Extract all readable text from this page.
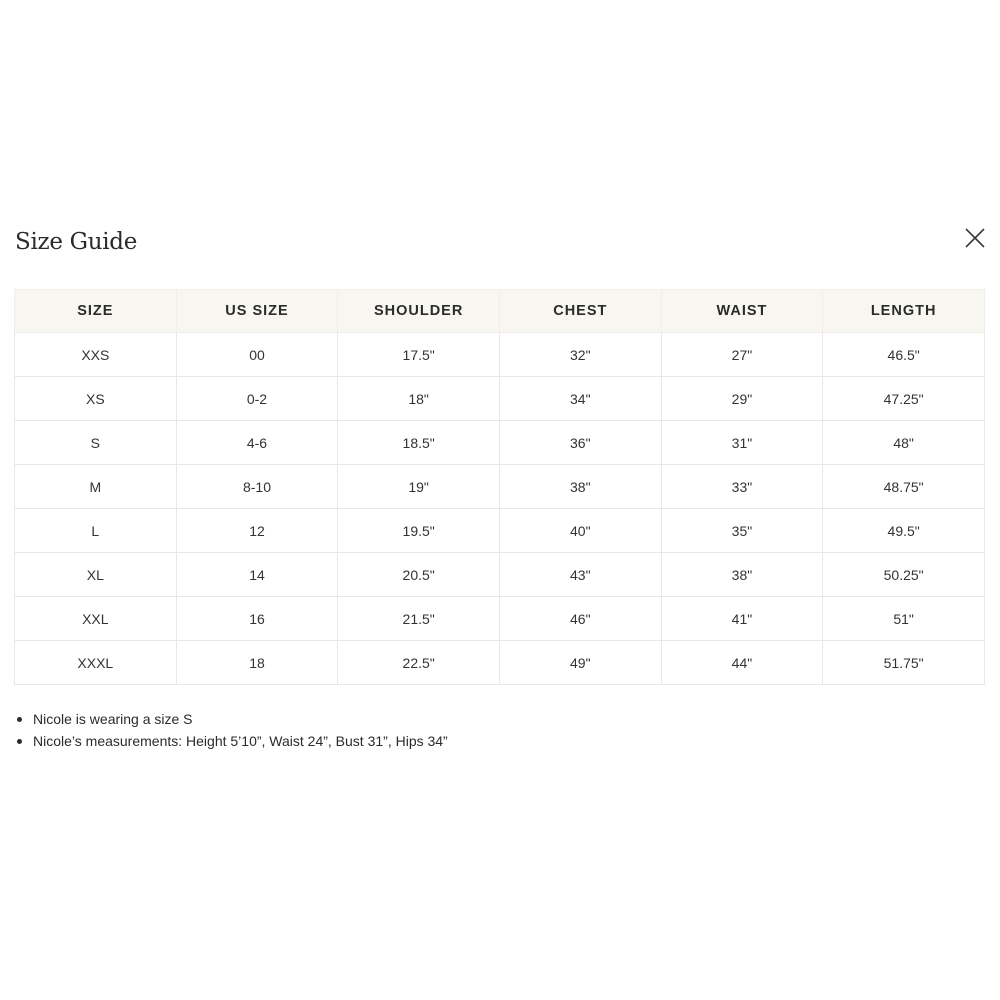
Size Guide
SIZE	US SIZE	SHOULDER	CHEST	WAIST	LENGTH
XXS	00	17.5"	32"	27"	46.5"
XS	0-2	18"	34"	29"	47.25"
S	4-6	18.5"	36"	31"	48"
M	8-10	19"	38"	33"	48.75"
L	12	19.5"	40"	35"	49.5"
XL	14	20.5"	43"	38"	50.25"
XXL	16	21.5"	46"	41"	51"
XXXL	18	22.5"	49"	44"	51.75"
Nicole is wearing a size S
Nicole’s measurements: Height 5’10”, Waist 24”, Bust 31”, Hips 34”
